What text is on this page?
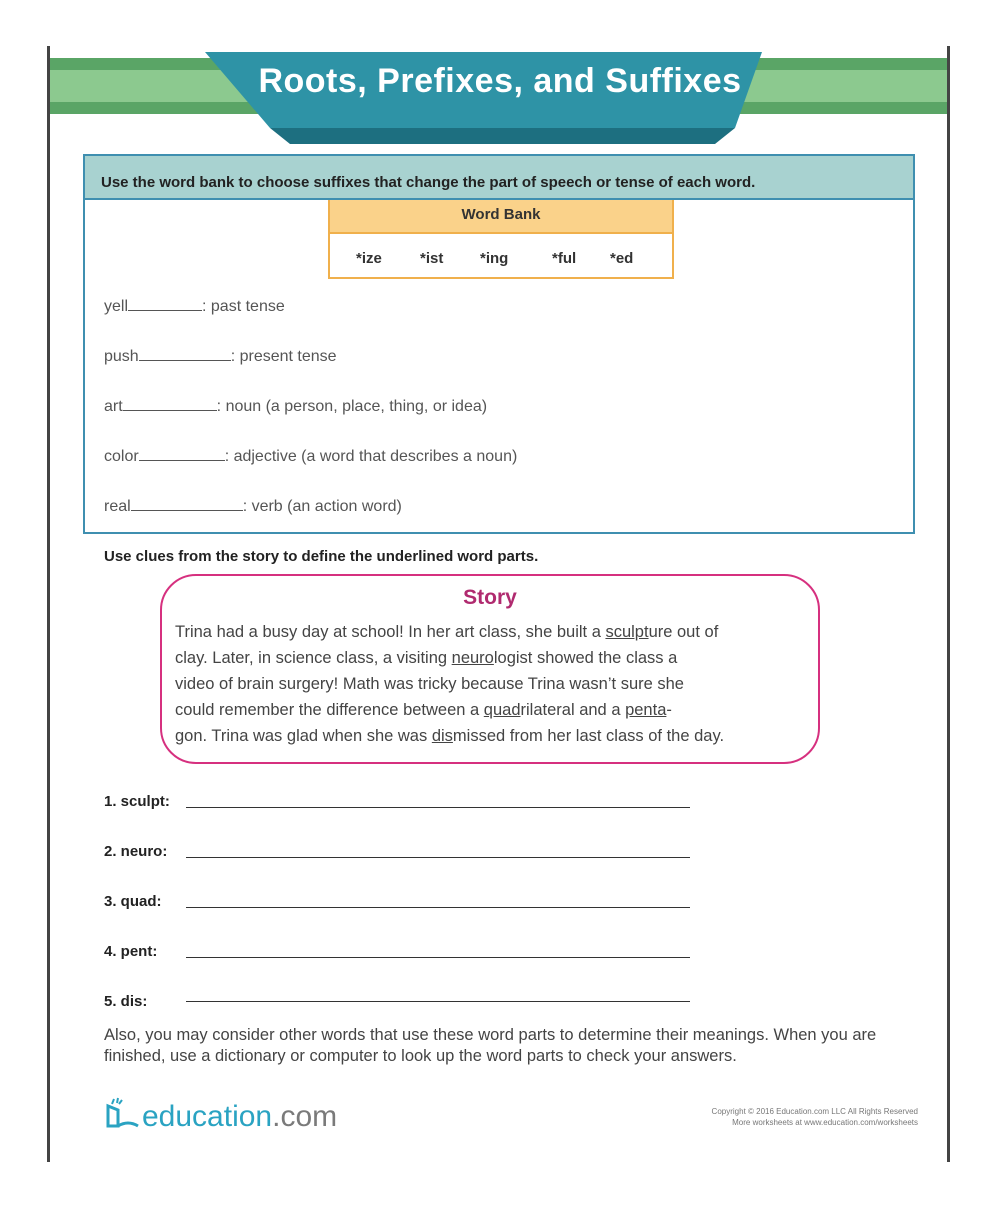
Roots, Prefixes, and Suffixes
Use the word bank to choose suffixes that change the part of speech or tense of each word.
Word Bank
*ize	*ist *ing	*ful *ed
yell	: past tense
push	: present tense
art	: noun (a person, place, thing, or idea)
color	: adjective (a word that describes a noun)
real	: verb (an action word)
Use clues from the story to define the underlined word parts.
Story
Trina had a busy day at school! In her art class, she built a sculpture out of
clay. Later, in science class, a visiting neurologist showed the class a
video of brain surgery! Math was tricky because Trina wasn’t sure she
could remember the difference between a quadrilateral and a penta-
gon. Trina was glad when she was dismissed from her last class of the day.
1. sculpt:
2. neuro:
3. quad:
4. pent:
5. dis:
Also, you may consider other words that use these word parts to determine their meanings. When you are finished, use a dictionary or computer to look up the word parts to check your answers.
education.com	Copyright © 2016 Education.com LLC All Rights Reserved
More worksheets at www.education.com/worksheets
